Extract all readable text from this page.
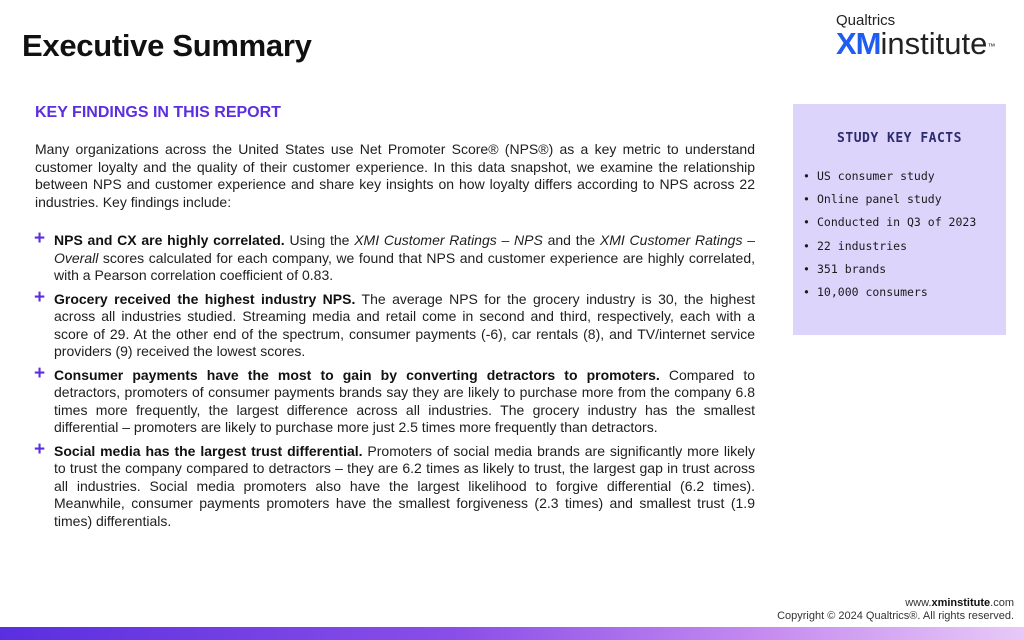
Executive Summary
Qualtrics
XMinstitute™
KEY FINDINGS IN THIS REPORT
Many organizations across the United States use Net Promoter Score® (NPS®) as a key metric to understand customer loyalty and the quality of their customer experience. In this data snapshot, we examine the relationship between NPS and customer experience and share key insights on how loyalty differs according to NPS across 22 industries. Key findings include:
+ NPS and CX are highly correlated. Using the XMI Customer Ratings – NPS and the XMI Customer Ratings – Overall scores calculated for each company, we found that NPS and customer experience are highly correlated, with a Pearson correlation coefficient of 0.83.
+ Grocery received the highest industry NPS. The average NPS for the grocery industry is 30, the highest across all industries studied. Streaming media and retail come in second and third, respectively, each with a score of 29. At the other end of the spectrum, consumer payments (-6), car rentals (8), and TV/internet service providers (9) received the lowest scores.
+ Consumer payments have the most to gain by converting detractors to promoters. Compared to detractors, promoters of consumer payments brands say they are likely to purchase more from the company 6.8 times more frequently, the largest difference across all industries. The grocery industry has the smallest differential – promoters are likely to purchase more just 2.5 times more frequently than detractors.
+ Social media has the largest trust differential. Promoters of social media brands are significantly more likely to trust the company compared to detractors – they are 6.2 times as likely to trust, the largest gap in trust across all industries. Social media promoters also have the largest likelihood to forgive differential (6.2 times). Meanwhile, consumer payments promoters have the smallest forgiveness (2.3 times) and smallest trust (1.9 times) differentials.
STUDY KEY FACTS
• US consumer study
• Online panel study
• Conducted in Q3 of 2023
• 22 industries
• 351 brands
• 10,000 consumers
www.xminstitute.com
Copyright © 2024 Qualtrics®. All rights reserved.
